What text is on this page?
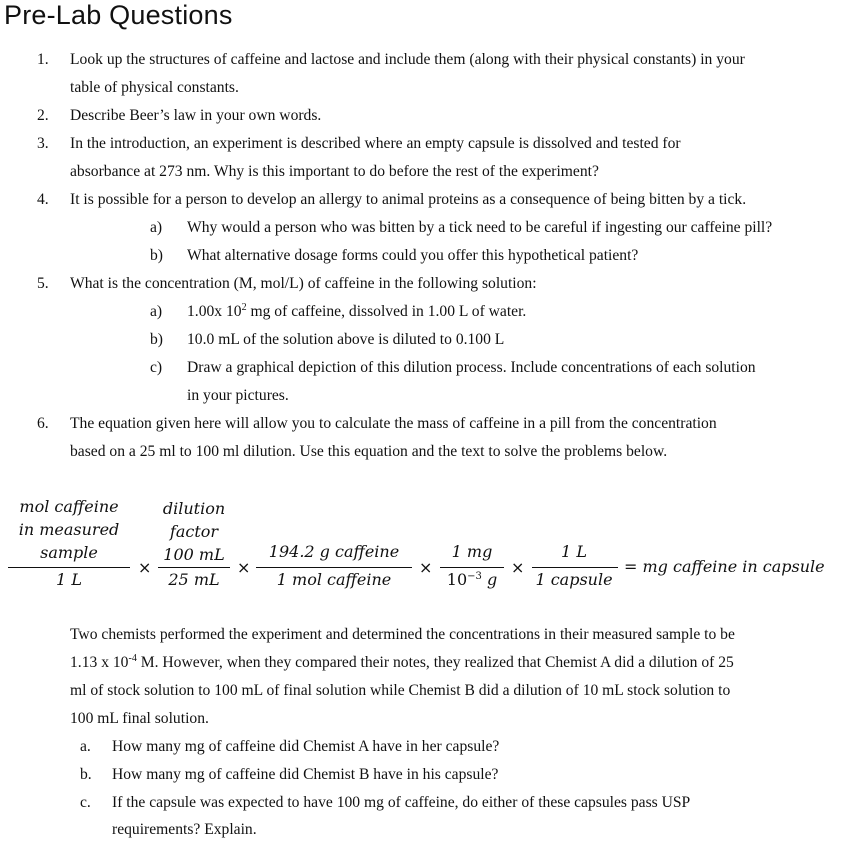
Pre-Lab Questions
1. Look up the structures of caffeine and lactose and include them (along with their physical constants) in your
table of physical constants.
2. Describe Beer’s law in your own words.
3. In the introduction, an experiment is described where an empty capsule is dissolved and tested for
absorbance at 273 nm. Why is this important to do before the rest of the experiment?
4. It is possible for a person to develop an allergy to animal proteins as a consequence of being bitten by a tick.
a) Why would a person who was bitten by a tick need to be careful if ingesting our caffeine pill?
b) What alternative dosage forms could you offer this hypothetical patient?
5. What is the concentration (M, mol/L) of caffeine in the following solution:
a) 1.00x $10^2$ mg of caffeine, dissolved in 1.00 L of water.
b) 10.0 mL of the solution above is diluted to 0.100 L
c) Draw a graphical depiction of this dilution process. Include concentrations of each solution
in your pictures.
6. The equation given here will allow you to calculate the mass of caffeine in a pill from the concentration
based on a 25 ml to 100 ml dilution. Use this equation and the text to solve the problems below.
mol caffeine
in measured
sample
1 L
×
dilution
factor
100 mL
25 mL
×
194.2 g caffeine
1 mol caffeine
×
1 mg
$10^{-3}$ g
×
1 L
1 capsule
= mg caffeine in capsule
Two chemists performed the experiment and determined the concentrations in their measured sample to be
1.13 x $10^{-4}$ M. However, when they compared their notes, they realized that Chemist A did a dilution of 25
ml of stock solution to 100 mL of final solution while Chemist B did a dilution of 10 mL stock solution to
100 mL final solution.
a. How many mg of caffeine did Chemist A have in her capsule?
b. How many mg of caffeine did Chemist B have in his capsule?
c. If the capsule was expected to have 100 mg of caffeine, do either of these capsules pass USP
requirements? Explain.
